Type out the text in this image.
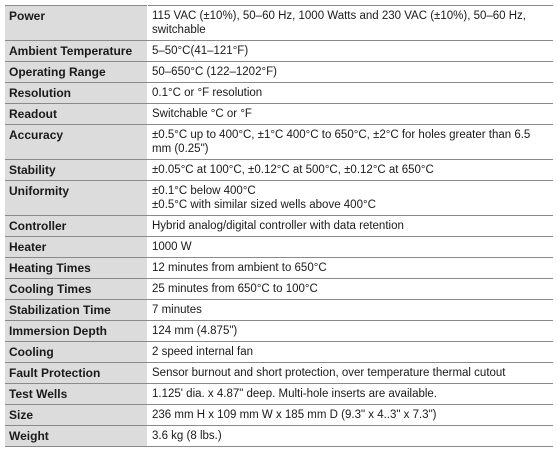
Power	115 VAC (±10%), 50–60 Hz, 1000 Watts and 230 VAC (±10%), 50–60 Hz, switchable

Ambient Temperature	5–50°C(41–121°F)

Operating Range	50–650°C (122–1202°F)

Resolution	0.1°C or °F resolution

Readout	Switchable °C or °F

Accuracy	±0.5°C up to 400°C, ±1°C 400°C to 650°C, ±2°C for holes greater than 6.5 mm (0.25")

Stability	±0.05°C at 100°C, ±0.12°C at 500°C, ±0.12°C at 650°C

Uniformity	±0.1°C below 400°C
±0.5°C with similar sized wells above 400°C

Controller	Hybrid analog/digital controller with data retention

Heater	1000 W

Heating Times	12 minutes from ambient to 650°C

Cooling Times	25 minutes from 650°C to 100°C

Stabilization Time	7 minutes

Immersion Depth	124 mm (4.875")

Cooling	2 speed internal fan

Fault Protection	Sensor burnout and short protection, over temperature thermal cutout

Test Wells	1.125' dia. x 4.87" deep. Multi-hole inserts are available.

Size	236 mm H x 109 mm W x 185 mm D (9.3" x 4..3" x 7.3")

Weight	3.6 kg (8 lbs.)
